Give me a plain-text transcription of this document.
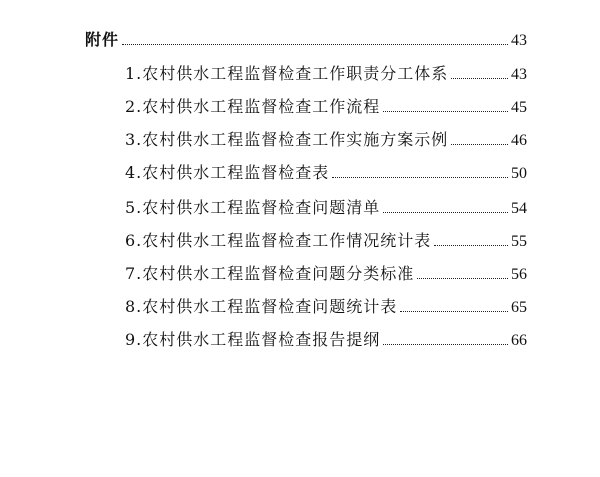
附件	43
1.农村供水工程监督检查工作职责分工体系	43
2.农村供水工程监督检查工作流程	45
3.农村供水工程监督检查工作实施方案示例	46
4.农村供水工程监督检查表	50
5.农村供水工程监督检查问题清单	54
6.农村供水工程监督检查工作情况统计表	55
7.农村供水工程监督检查问题分类标准	56
8.农村供水工程监督检查问题统计表	65
9.农村供水工程监督检查报告提纲	66
